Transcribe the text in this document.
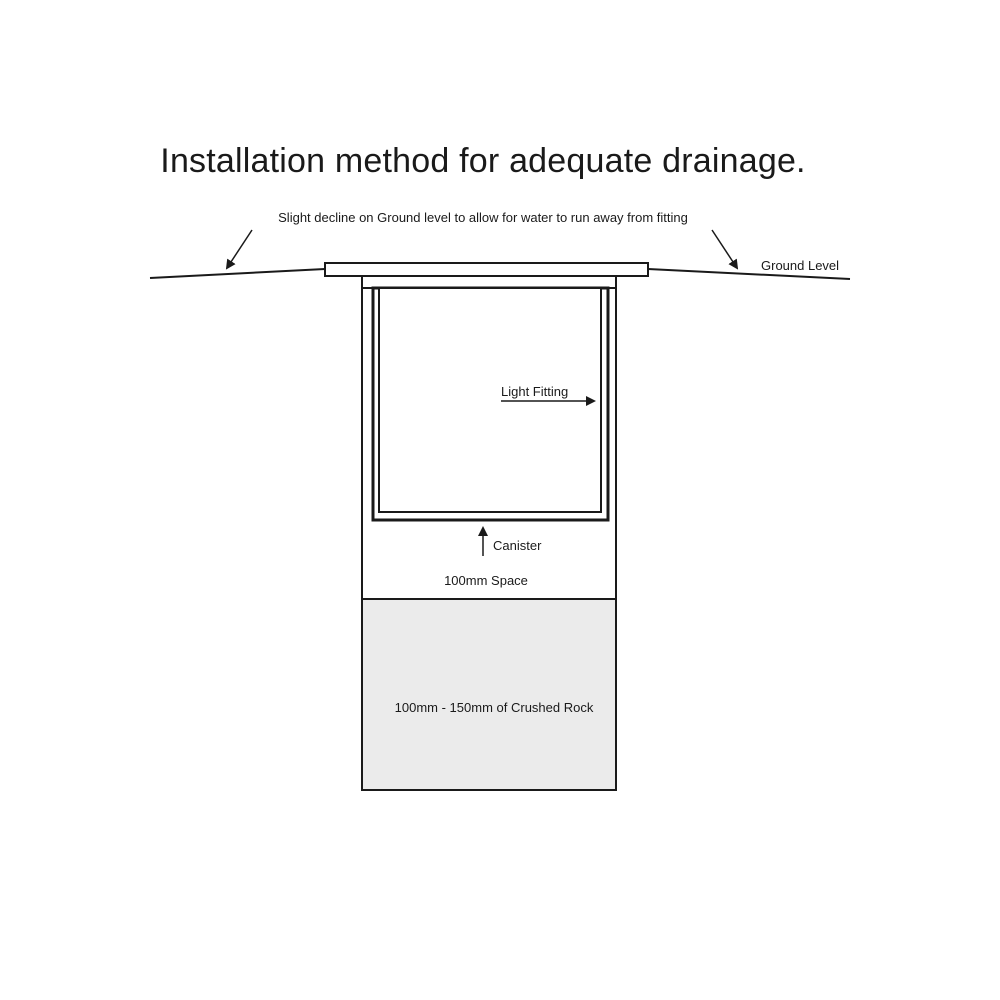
Installation method for adequate drainage.
Slight decline on Ground level to allow for water to run away from fitting
Ground Level
Light Fitting
Canister
100mm Space
100mm - 150mm of Crushed Rock
